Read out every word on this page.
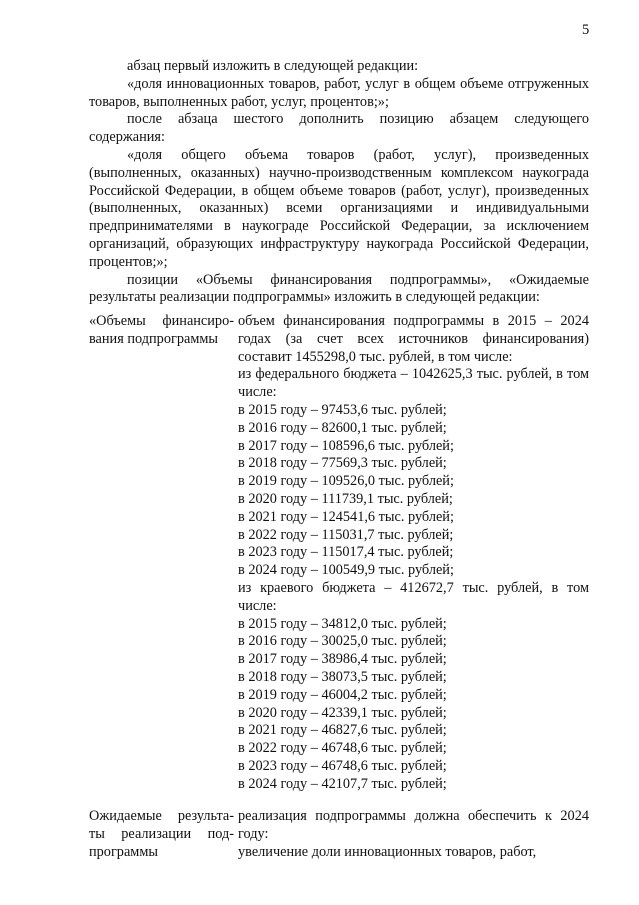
5

абзац первый изложить в следующей редакции:

«доля инновационных товаров, работ, услуг в общем объеме отгруженных товаров, выполненных работ, услуг, процентов;»;

после абзаца шестого дополнить позицию абзацем следующего содержания:

«доля общего объема товаров (работ, услуг), произведенных (выполненных, оказанных) научно-производственным комплексом наукограда Российской Федерации, в общем объеме товаров (работ, услуг), произведенных (выполненных, оказанных) всеми организациями и индивидуальными предпринимателями в наукограде Российской Федерации, за исключением организаций, образующих инфраструктуру наукограда Российской Федерации, процентов;»;

позиции «Объемы финансирования подпрограммы», «Ожидаемые результаты реализации подпрограммы» изложить в следующей редакции:

«Объемы финансиро-вания подпрограммы

объем финансирования подпрограммы в 2015 – 2024 годах (за счет всех источников финансирования) составит 1455298,0 тыс. рублей, в том числе:

из федерального бюджета – 1042625,3 тыс. рублей, в том числе:

в 2015 году – 97453,6 тыс. рублей;
в 2016 году – 82600,1 тыс. рублей;
в 2017 году – 108596,6 тыс. рублей;
в 2018 году – 77569,3 тыс. рублей;
в 2019 году – 109526,0 тыс. рублей;
в 2020 году – 111739,1 тыс. рублей;
в 2021 году – 124541,6 тыс. рублей;
в 2022 году – 115031,7 тыс. рублей;
в 2023 году – 115017,4 тыс. рублей;
в 2024 году – 100549,9 тыс. рублей;

из краевого бюджета – 412672,7 тыс. рублей, в том числе:

в 2015 году – 34812,0 тыс. рублей;
в 2016 году – 30025,0 тыс. рублей;
в 2017 году – 38986,4 тыс. рублей;
в 2018 году – 38073,5 тыс. рублей;
в 2019 году – 46004,2 тыс. рублей;
в 2020 году – 42339,1 тыс. рублей;
в 2021 году – 46827,6 тыс. рублей;
в 2022 году – 46748,6 тыс. рублей;
в 2023 году – 46748,6 тыс. рублей;
в 2024 году – 42107,7 тыс. рублей;
Ожидаемые результа-ты реализации под-программы

реализация подпрограммы должна обеспечить к 2024 году:

увеличение доли инновационных товаров, работ,
